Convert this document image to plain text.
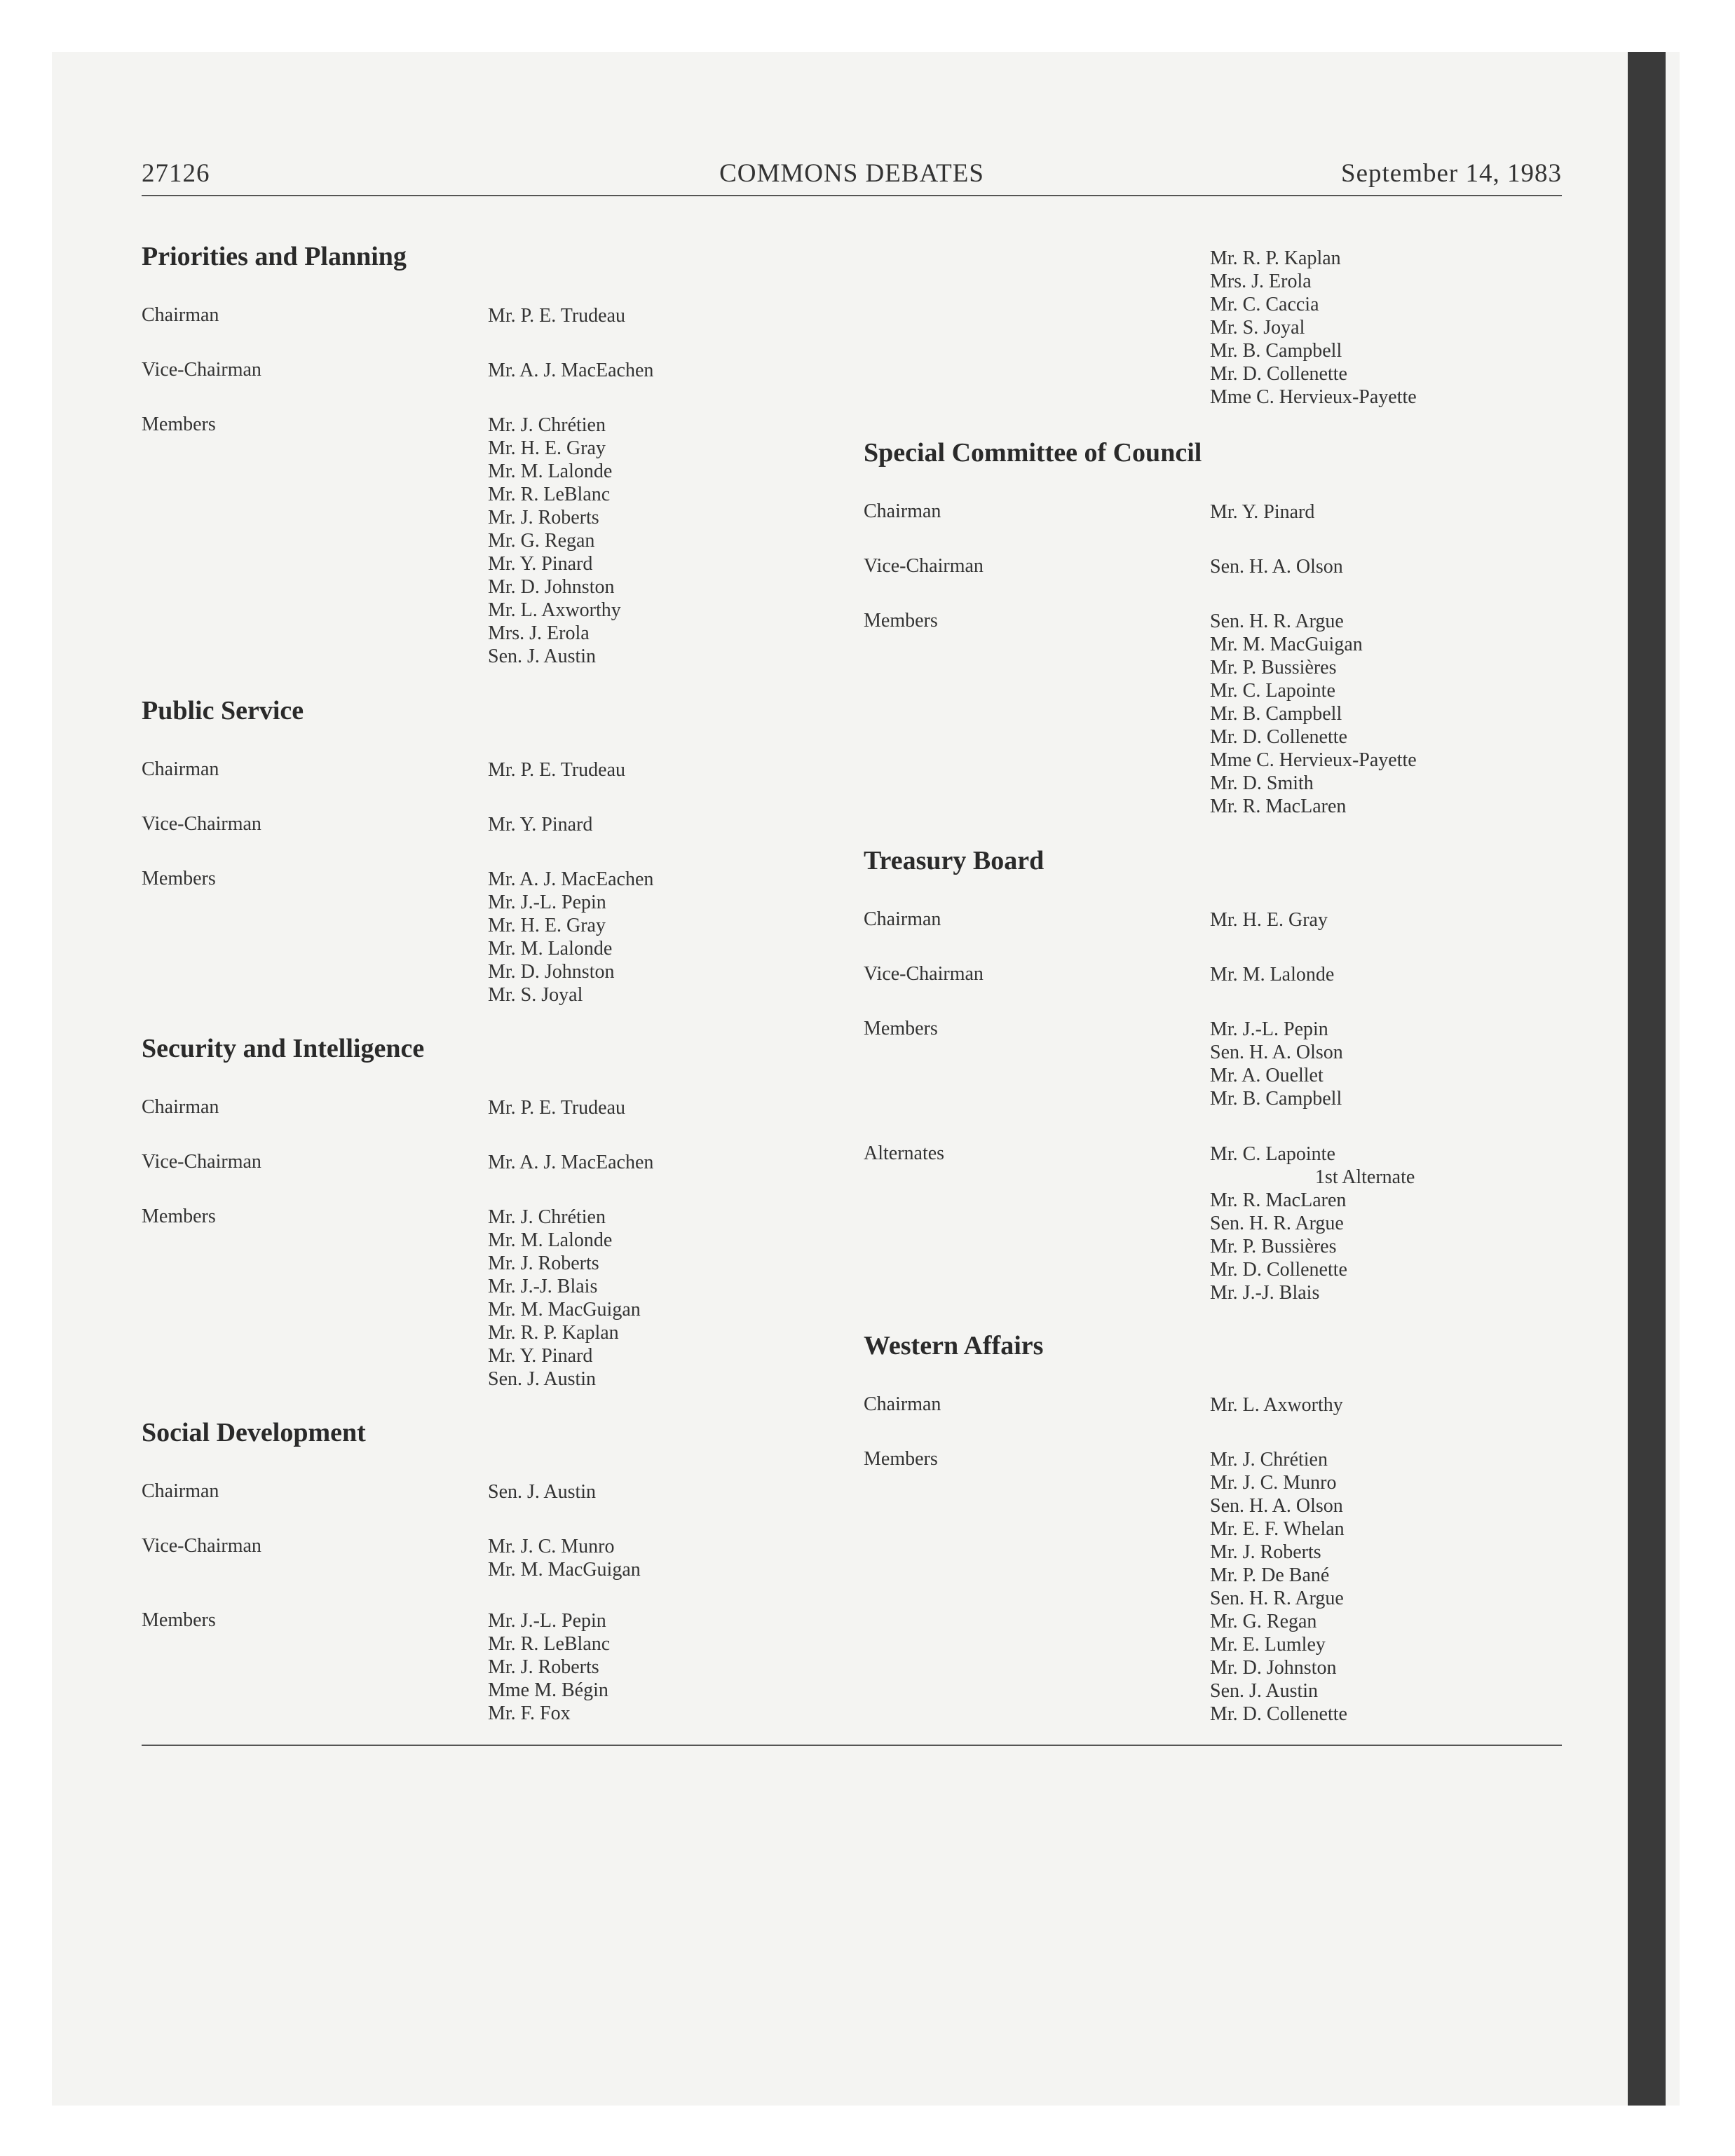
27126	COMMONS DEBATES	September 14, 1983
Priorities and Planning
Chairman	Mr. P. E. Trudeau
Vice-Chairman	Mr. A. J. MacEachen
Members	Mr. J. Chrétien
Mr. H. E. Gray
Mr. M. Lalonde
Mr. R. LeBlanc
Mr. J. Roberts
Mr. G. Regan
Mr. Y. Pinard
Mr. D. Johnston
Mr. L. Axworthy
Mrs. J. Erola
Sen. J. Austin
Public Service
Chairman	Mr. P. E. Trudeau
Vice-Chairman	Mr. Y. Pinard
Members	Mr. A. J. MacEachen
Mr. J.-L. Pepin
Mr. H. E. Gray
Mr. M. Lalonde
Mr. D. Johnston
Mr. S. Joyal
Security and Intelligence
Chairman	Mr. P. E. Trudeau
Vice-Chairman	Mr. A. J. MacEachen
Members	Mr. J. Chrétien
Mr. M. Lalonde
Mr. J. Roberts
Mr. J.-J. Blais
Mr. M. MacGuigan
Mr. R. P. Kaplan
Mr. Y. Pinard
Sen. J. Austin
Social Development
Chairman	Sen. J. Austin
Vice-Chairman	Mr. J. C. Munro
Mr. M. MacGuigan
Members	Mr. J.-L. Pepin
Mr. R. LeBlanc
Mr. J. Roberts
Mme M. Bégin
Mr. F. Fox
Mr. R. P. Kaplan
Mrs. J. Erola
Mr. C. Caccia
Mr. S. Joyal
Mr. B. Campbell
Mr. D. Collenette
Mme C. Hervieux-Payette
Special Committee of Council
Chairman	Mr. Y. Pinard
Vice-Chairman	Sen. H. A. Olson
Members	Sen. H. R. Argue
Mr. M. MacGuigan
Mr. P. Bussières
Mr. C. Lapointe
Mr. B. Campbell
Mr. D. Collenette
Mme C. Hervieux-Payette
Mr. D. Smith
Mr. R. MacLaren
Treasury Board
Chairman	Mr. H. E. Gray
Vice-Chairman	Mr. M. Lalonde
Members	Mr. J.-L. Pepin
Sen. H. A. Olson
Mr. A. Ouellet
Mr. B. Campbell
Alternates	Mr. C. Lapointe
1st Alternate
Mr. R. MacLaren
Sen. H. R. Argue
Mr. P. Bussières
Mr. D. Collenette
Mr. J.-J. Blais
Western Affairs
Chairman	Mr. L. Axworthy
Members	Mr. J. Chrétien
Mr. J. C. Munro
Sen. H. A. Olson
Mr. E. F. Whelan
Mr. J. Roberts
Mr. P. De Bané
Sen. H. R. Argue
Mr. G. Regan
Mr. E. Lumley
Mr. D. Johnston
Sen. J. Austin
Mr. D. Collenette
